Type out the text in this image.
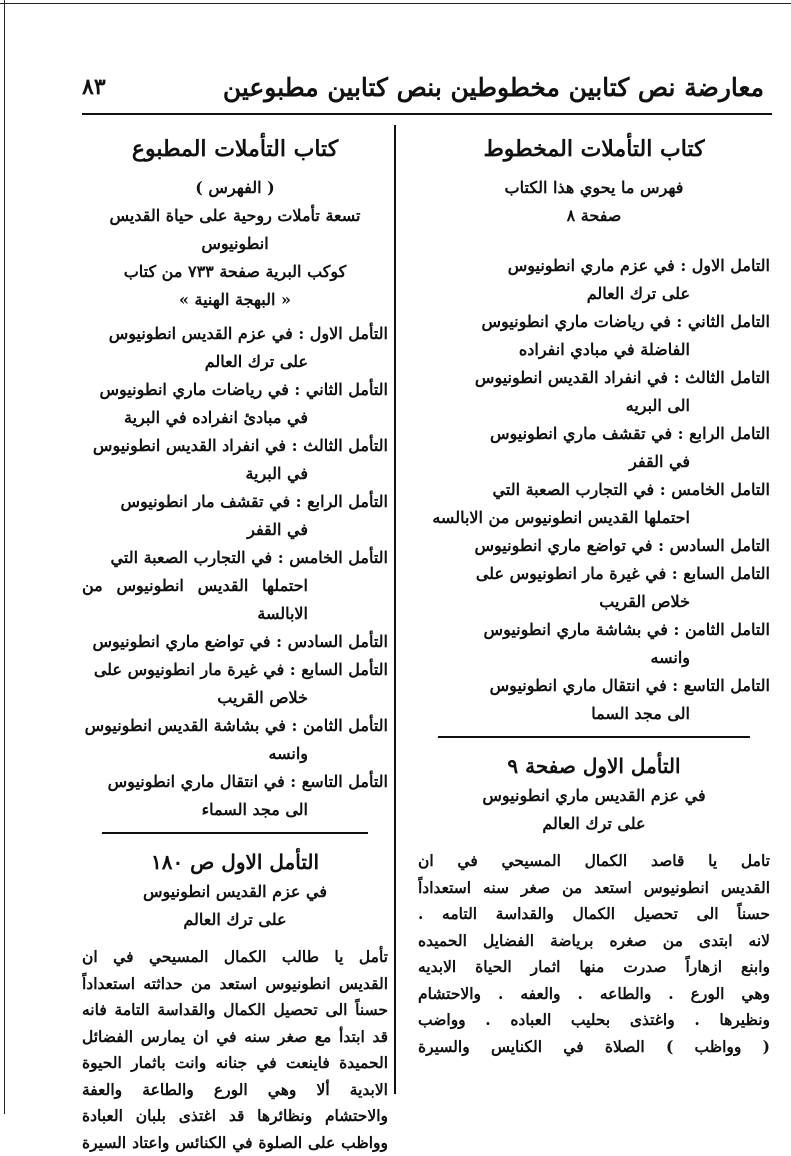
معارضة نص كتابين مخطوطين بنص كتابين مطبوعين
٨٣
كتاب التأملات المخطوط
فهرس ما يحوي هذا الكتاب
صفحة ٨
التامل الاول : في عزم ماري انطونيوس
على ترك العالم
التامل الثاني : في رياضات ماري انطونيوس
الفاضلة في مبادي انفراده
التامل الثالث : في انفراد القديس انطونيوس
الى البريه
التامل الرابع : في تقشف ماري انطونيوس
في القفر
التامل الخامس : في التجارب الصعبة التي
احتملها القديس انطونيوس من الابالسه
التامل السادس : في تواضع ماري انطونيوس
التامل السابع : في غيرة مار انطونيوس على
خلاص القريب
التامل الثامن : في بشاشة ماري انطونيوس
وانسه
التامل التاسع : في انتقال ماري انطونيوس
الى مجد السما
التأمل الاول صفحة ٩
في عزم القديس ماري انطونيوس
على ترك العالم
تامل يا قاصد الكمال المسيحي في ان
القديس انطونيوس استعد من صغر سنه استعداداً
حسناً الى تحصيل الكمال والقداسة التامه .
لانه ابتدى من صغره برياضة الفضايل الحميده
وابنع ازهاراً صدرت منها اثمار الحياة الابديه
وهي الورع . والطاعه . والعفه . والاحتشام
ونظيرها . واغتذى بحليب العباده . وواضب
( وواظب ) الصلاة في الكنايس والسيرة
كتاب التأملات المطبوع
( الفهرس )
تسعة تأملات روحية على حياة القديس انطونيوس
كوكب البرية صفحة ٧٣٣ من كتاب
« البهجة الهنية »
التأمل الاول : في عزم القديس انطونيوس
على ترك العالم
التأمل الثاني : في رياضات ماري انطونيوس
في مبادئ انفراده في البرية
التأمل الثالث : في انفراد القديس انطونيوس
في البرية
التأمل الرابع : في تقشف مار انطونيوس
في القفر
التأمل الخامس : في التجارب الصعبة التي
احتملها القديس انطونيوس من الابالسة
التأمل السادس : في تواضع ماري انطونيوس
التأمل السابع : في غيرة مار انطونيوس على
خلاص القريب
التأمل الثامن : في بشاشة القديس انطونيوس
وانسه
التأمل التاسع : في انتقال ماري انطونيوس
الى مجد السماء
التأمل الاول ص ١٨٠
في عزم القديس انطونيوس
على ترك العالم
تأمل يا طالب الكمال المسيحي في ان
القديس انطونيوس استعد من حداثته استعداداً
حسناً الى تحصيل الكمال والقداسة التامة فانه
قد ابتدأ مع صغر سنه في ان يمارس الفضائل
الحميدة فاينعت في جنانه وانت باثمار الحيوة
الابدية ألا وهي الورع والطاعة والعفة
والاحتشام ونظائرها قد اغتذى بلبان العبادة
وواظب على الصلوة في الكنائس واعتاد السيرة
